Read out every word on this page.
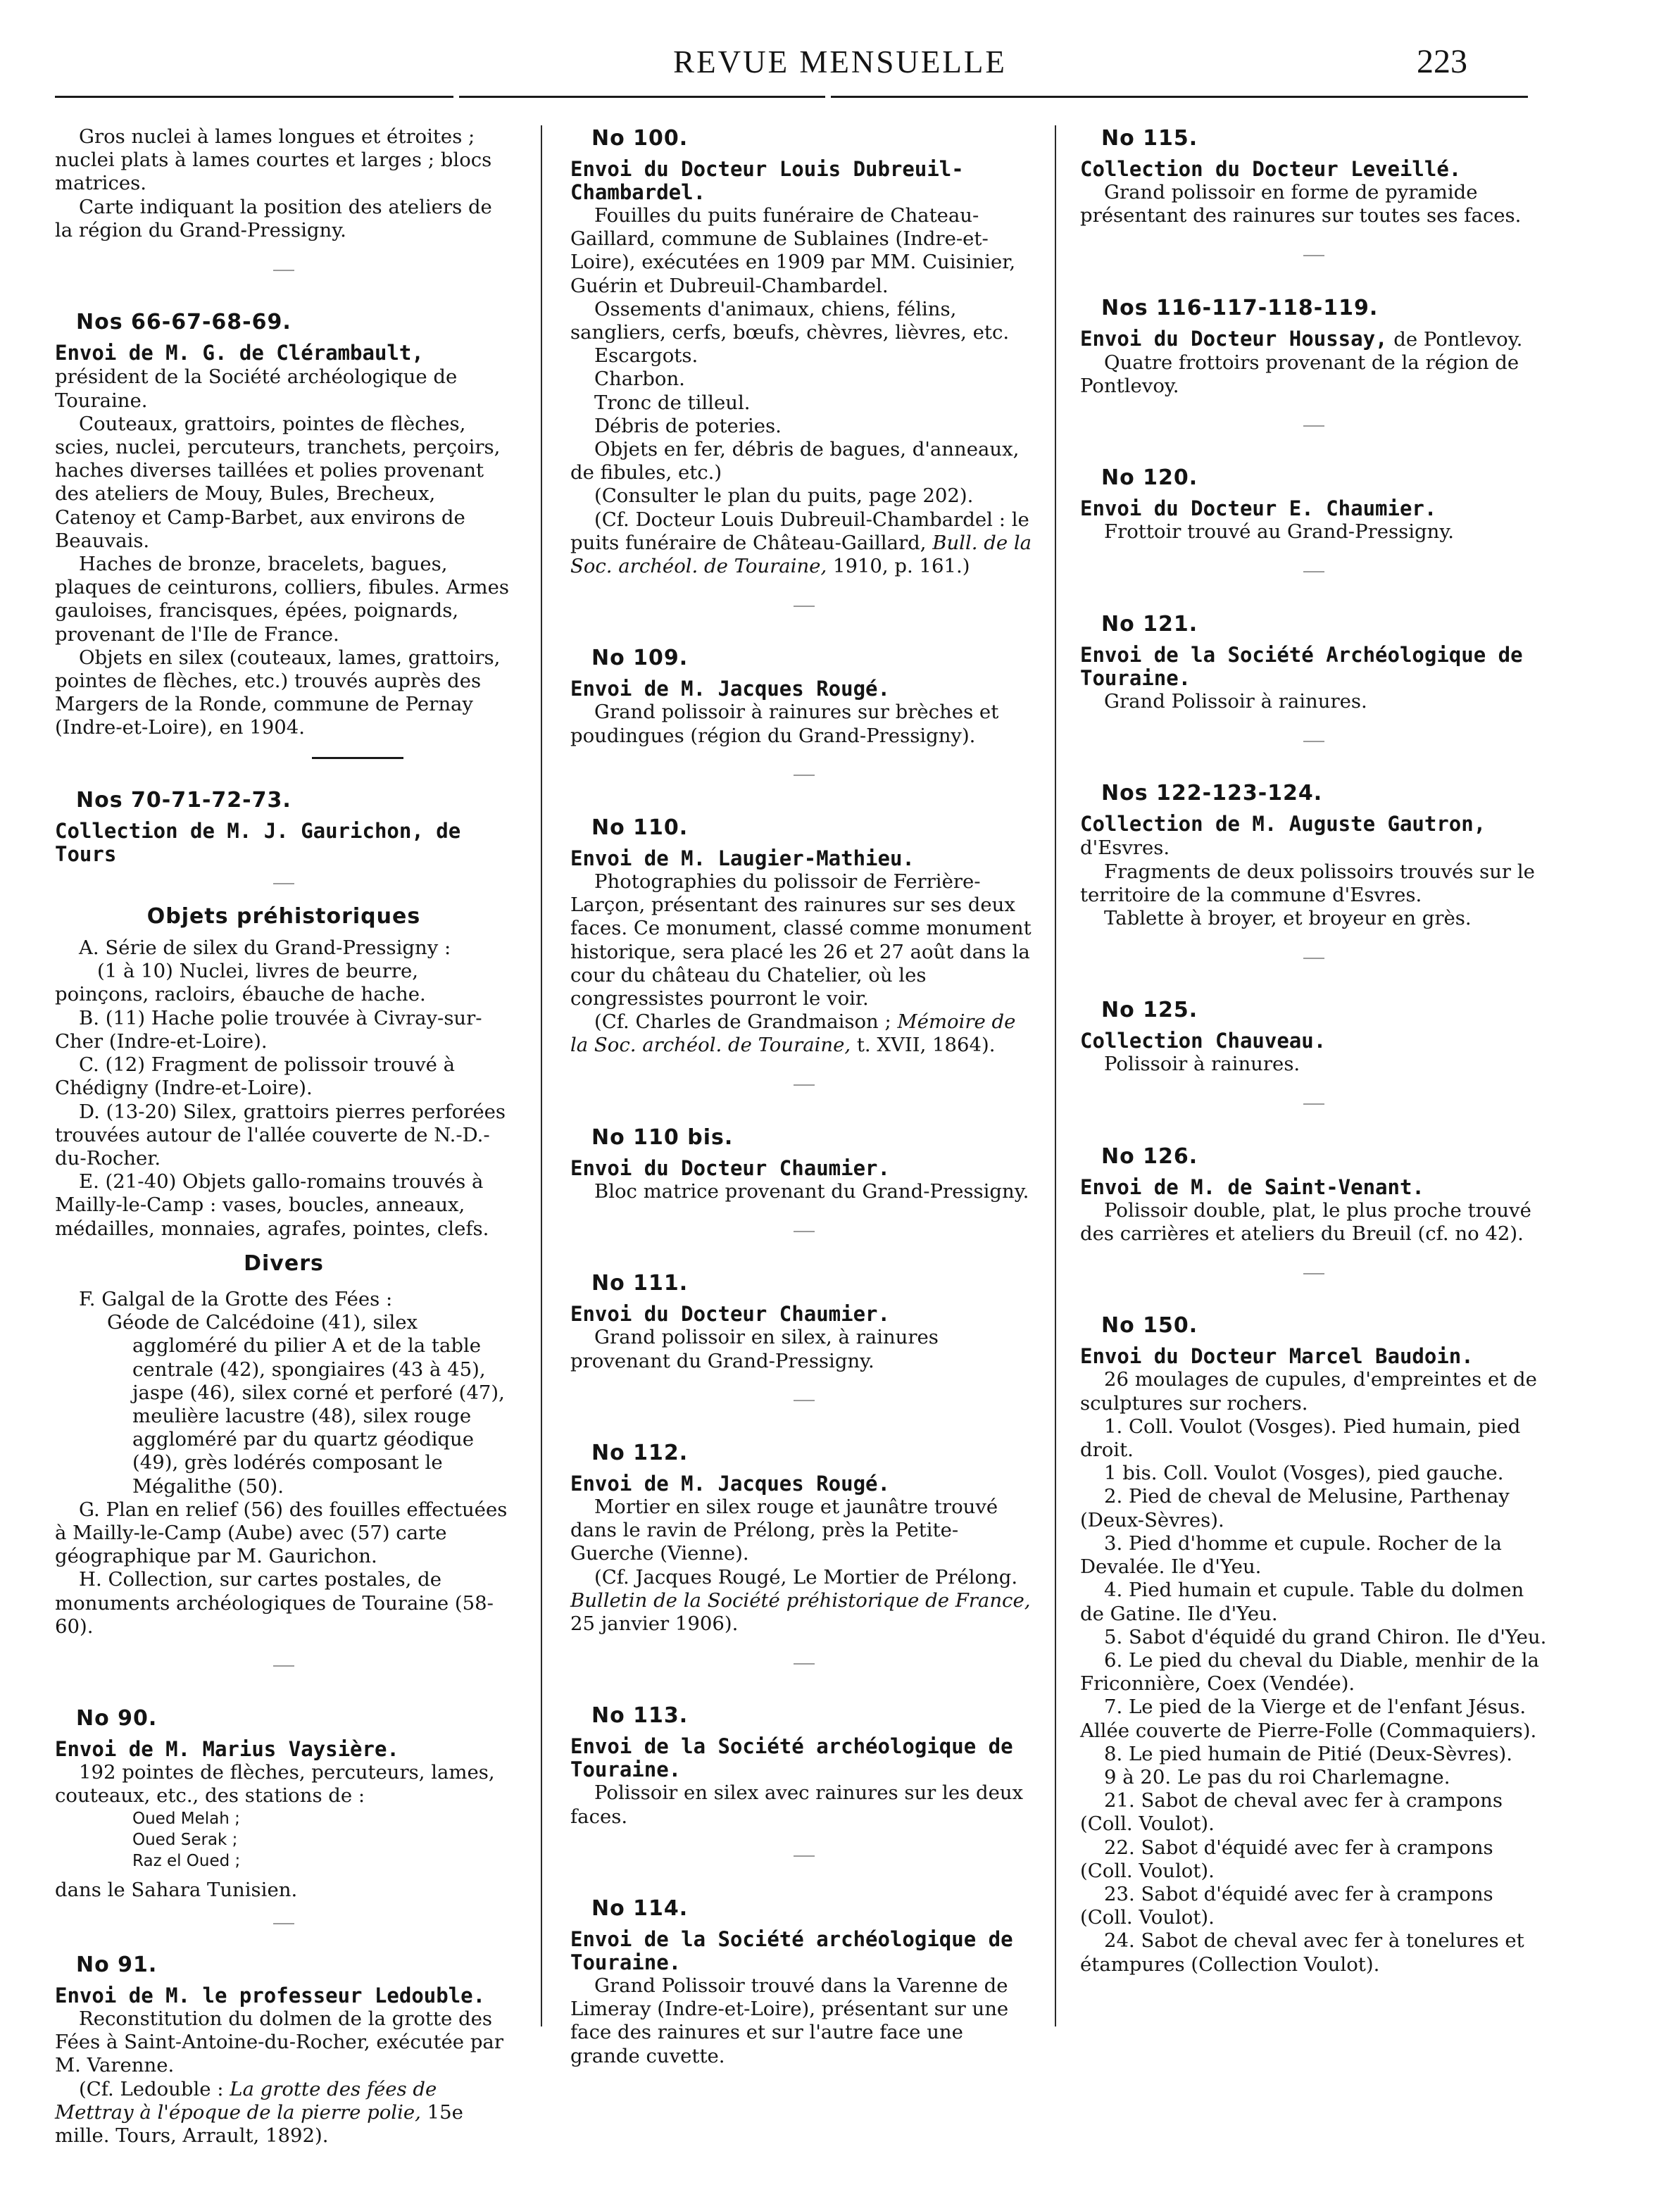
REVUE MENSUELLE	223

Gros nuclei à lames longues et étroites ; nuclei plats à lames courtes et larges ; blocs matrices.

Carte indiquant la position des ateliers de la région du Grand-Pressigny.

Nos 66-67-68-69.

Envoi de M. G. de Clérambault, président de la Société archéologique de Touraine.

Couteaux, grattoirs, pointes de flèches, scies, nuclei, percuteurs, tranchets, perçoirs, haches diverses taillées et polies provenant des ateliers de Mouy, Bules, Brecheux, Catenoy et Camp-Barbet, aux environs de Beauvais.

Haches de bronze, bracelets, bagues, plaques de ceinturons, colliers, fibules. Armes gauloises, francisques, épées, poignards, provenant de l'Ile de France.

Objets en silex (couteaux, lames, grattoirs, pointes de flèches, etc.) trouvés auprès des Margers de la Ronde, commune de Pernay (Indre-et-Loire), en 1904.

Nos 70-71-72-73.

Collection de M. J. Gaurichon, de Tours

Objets préhistoriques

A. Série de silex du Grand-Pressigny :

(1 à 10) Nuclei, livres de beurre, poinçons, racloirs, ébauche de hache.

B. (11) Hache polie trouvée à Civray-sur-Cher (Indre-et-Loire).

C. (12) Fragment de polissoir trouvé à Chédigny (Indre-et-Loire).

D. (13-20) Silex, grattoirs pierres perforées trouvées autour de l'allée couverte de N.-D.-du-Rocher.

E. (21-40) Objets gallo-romains trouvés à Mailly-le-Camp : vases, boucles, anneaux, médailles, monnaies, agrafes, pointes, clefs.

Divers

F. Galgal de la Grotte des Fées :

Géode de Calcédoine (41), silex aggloméré du pilier A et de la table centrale (42), spongiaires (43 à 45), jaspe (46), silex corné et perforé (47), meulière lacustre (48), silex rouge aggloméré par du quartz géodique (49), grès lodérés composant le Mégalithe (50).

G. Plan en relief (56) des fouilles effectuées à Mailly-le-Camp (Aube) avec (57) carte géographique par M. Gaurichon.

H. Collection, sur cartes postales, de monuments archéologiques de Touraine (58-60).

No 90.

Envoi de M. Marius Vaysière.

192 pointes de flèches, percuteurs, lames, couteaux, etc., des stations de :

Oued Melah ;

Oued Serak ;

Raz el Oued ;

dans le Sahara Tunisien.

No 91.

Envoi de M. le professeur Ledouble.

Reconstitution du dolmen de la grotte des Fées à Saint-Antoine-du-Rocher, exécutée par M. Varenne.

(Cf. Ledouble : La grotte des fées de Mettray à l'époque de la pierre polie, 15e mille. Tours, Arrault, 1892).

No 100.

Envoi du Docteur Louis Dubreuil-Chambardel.

Fouilles du puits funéraire de Chateau-Gaillard, commune de Sublaines (Indre-et-Loire), exécutées en 1909 par MM. Cuisinier, Guérin et Dubreuil-Chambardel.

Ossements d'animaux, chiens, félins, sangliers, cerfs, bœufs, chèvres, lièvres, etc.

Escargots.

Charbon.

Tronc de tilleul.

Débris de poteries.

Objets en fer, débris de bagues, d'anneaux, de fibules, etc.)

(Consulter le plan du puits, page 202).

(Cf. Docteur Louis Dubreuil-Chambardel : le puits funéraire de Château-Gaillard, Bull. de la Soc. archéol. de Touraine, 1910, p. 161.)

No 109.

Envoi de M. Jacques Rougé.

Grand polissoir à rainures sur brèches et poudingues (région du Grand-Pressigny).

No 110.

Envoi de M. Laugier-Mathieu.

Photographies du polissoir de Ferrière-Larçon, présentant des rainures sur ses deux faces. Ce monument, classé comme monument historique, sera placé les 26 et 27 août dans la cour du château du Chatelier, où les congressistes pourront le voir.

(Cf. Charles de Grandmaison ; Mémoire de la Soc. archéol. de Touraine, t. XVII, 1864).

No 110 bis.

Envoi du Docteur Chaumier.

Bloc matrice provenant du Grand-Pressigny.

No 111.

Envoi du Docteur Chaumier.

Grand polissoir en silex, à rainures provenant du Grand-Pressigny.

No 112.

Envoi de M. Jacques Rougé.

Mortier en silex rouge et jaunâtre trouvé dans le ravin de Prélong, près la Petite-Guerche (Vienne).

(Cf. Jacques Rougé, Le Mortier de Prélong. Bulletin de la Société préhistorique de France, 25 janvier 1906).

No 113.

Envoi de la Société archéologique de Touraine.

Polissoir en silex avec rainures sur les deux faces.

No 114.

Envoi de la Société archéologique de Touraine.

Grand Polissoir trouvé dans la Varenne de Limeray (Indre-et-Loire), présentant sur une face des rainures et sur l'autre face une grande cuvette.

No 115.

Collection du Docteur Leveillé.

Grand polissoir en forme de pyramide présentant des rainures sur toutes ses faces.

Nos 116-117-118-119.

Envoi du Docteur Houssay, de Pontlevoy.

Quatre frottoirs provenant de la région de Pontlevoy.

No 120.

Envoi du Docteur E. Chaumier.

Frottoir trouvé au Grand-Pressigny.

No 121.

Envoi de la Société Archéologique de Touraine.

Grand Polissoir à rainures.

Nos 122-123-124.

Collection de M. Auguste Gautron, d'Esvres.

Fragments de deux polissoirs trouvés sur le territoire de la commune d'Esvres.

Tablette à broyer, et broyeur en grès.

No 125.

Collection Chauveau.

Polissoir à rainures.

No 126.

Envoi de M. de Saint-Venant.

Polissoir double, plat, le plus proche trouvé des carrières et ateliers du Breuil (cf. no 42).

No 150.

Envoi du Docteur Marcel Baudoin.

26 moulages de cupules, d'empreintes et de sculptures sur rochers.

1. Coll. Voulot (Vosges). Pied humain, pied droit.

1 bis. Coll. Voulot (Vosges), pied gauche.

2. Pied de cheval de Melusine, Parthenay (Deux-Sèvres).

3. Pied d'homme et cupule. Rocher de la Devalée. Ile d'Yeu.

4. Pied humain et cupule. Table du dolmen de Gatine. Ile d'Yeu.

5. Sabot d'équidé du grand Chiron. Ile d'Yeu.

6. Le pied du cheval du Diable, menhir de la Friconnière, Coex (Vendée).

7. Le pied de la Vierge et de l'enfant Jésus. Allée couverte de Pierre-Folle (Commaquiers).

8. Le pied humain de Pitié (Deux-Sèvres).

9 à 20. Le pas du roi Charlemagne.

21. Sabot de cheval avec fer à crampons (Coll. Voulot).

22. Sabot d'équidé avec fer à crampons (Coll. Voulot).

23. Sabot d'équidé avec fer à crampons (Coll. Voulot).

24. Sabot de cheval avec fer à tonelures et étampures (Collection Voulot).
